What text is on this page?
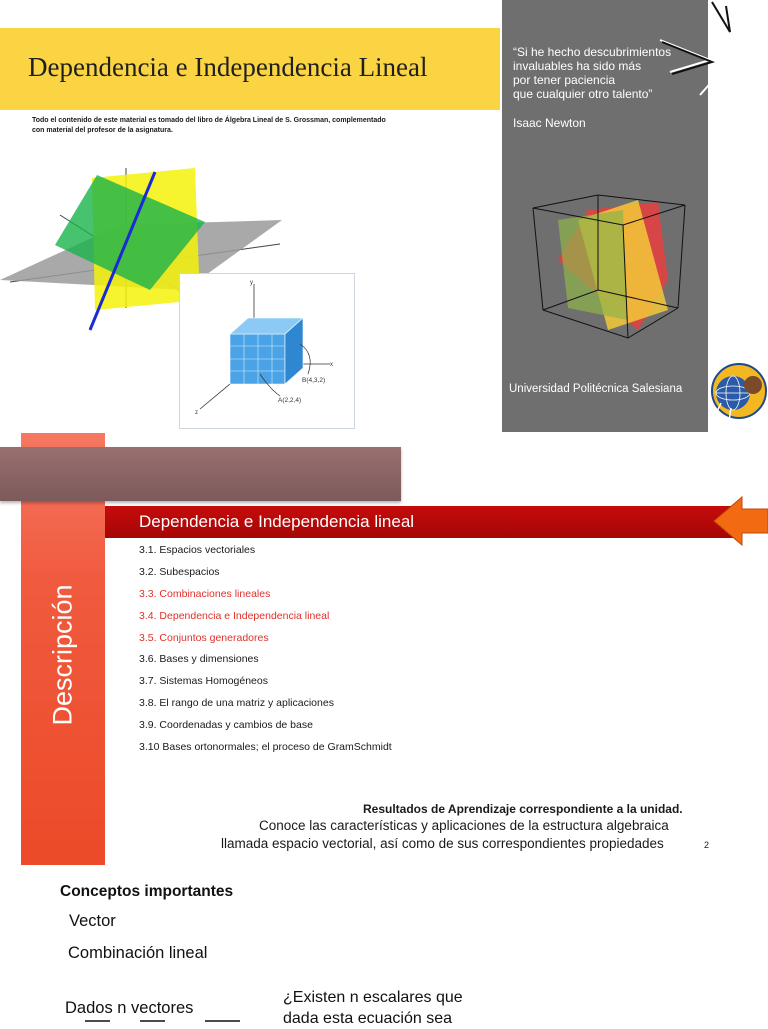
Dependencia e Independencia Lineal
Todo el contenido de este material es tomado del libro de Álgebra Lineal de S. Grossman, complementado con material del profesor de la asignatura.
y
x
z
B(4,3,2)
A(2,2,4)
“Si he hecho descubrimientos
invaluables ha sido más
por tener paciencia
que cualquier otro talento”
Isaac Newton
Universidad Politécnica Salesiana
Descripción
Dependencia e Independencia lineal
3.1. Espacios vectoriales
3.2. Subespacios
3.3. Combinaciones lineales
3.4. Dependencia e Independencia lineal
3.5. Conjuntos generadores
3.6. Bases y dimensiones
3.7. Sistemas Homogéneos
3.8. El rango de una matriz y aplicaciones
3.9. Coordenadas y cambios de base
3.10 Bases ortonormales; el proceso de GramSchmidt
Resultados de Aprendizaje correspondiente a la unidad.
Conoce las características y aplicaciones de la estructura algebraica
llamada espacio vectorial, así como de sus correspondientes propiedades	2
Conceptos importantes
Vector
Combinación lineal
Dados n vectores
¿Existen n escalares que
dada esta ecuación sea
